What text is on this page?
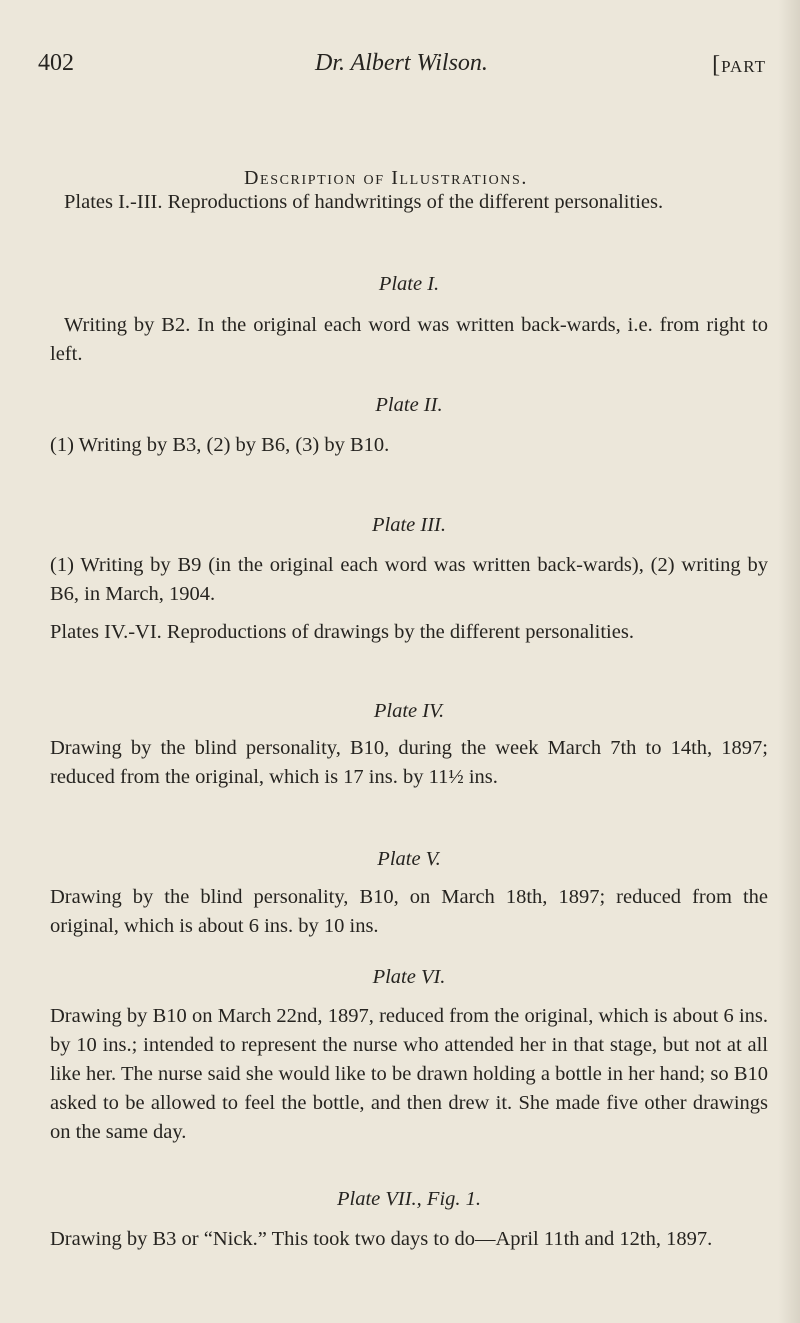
402	Dr. Albert Wilson.	[part
Description of Illustrations.
Plates I.-III. Reproductions of handwritings of the different personalities.
Plate I.
Writing by B2. In the original each word was written back-wards, i.e. from right to left.
Plate II.
(1) Writing by B3, (2) by B6, (3) by B10.
Plate III.
(1) Writing by B9 (in the original each word was written back-wards), (2) writing by B6, in March, 1904.
Plates IV.-VI. Reproductions of drawings by the different personalities.
Plate IV.
Drawing by the blind personality, B10, during the week March 7th to 14th, 1897; reduced from the original, which is 17 ins. by 11½ ins.
Plate V.
Drawing by the blind personality, B10, on March 18th, 1897; reduced from the original, which is about 6 ins. by 10 ins.
Plate VI.
Drawing by B10 on March 22nd, 1897, reduced from the original, which is about 6 ins. by 10 ins.; intended to represent the nurse who attended her in that stage, but not at all like her. The nurse said she would like to be drawn holding a bottle in her hand; so B10 asked to be allowed to feel the bottle, and then drew it. She made five other drawings on the same day.
Plate VII., Fig. 1.
Drawing by B3 or “Nick.” This took two days to do—April 11th and 12th, 1897.
